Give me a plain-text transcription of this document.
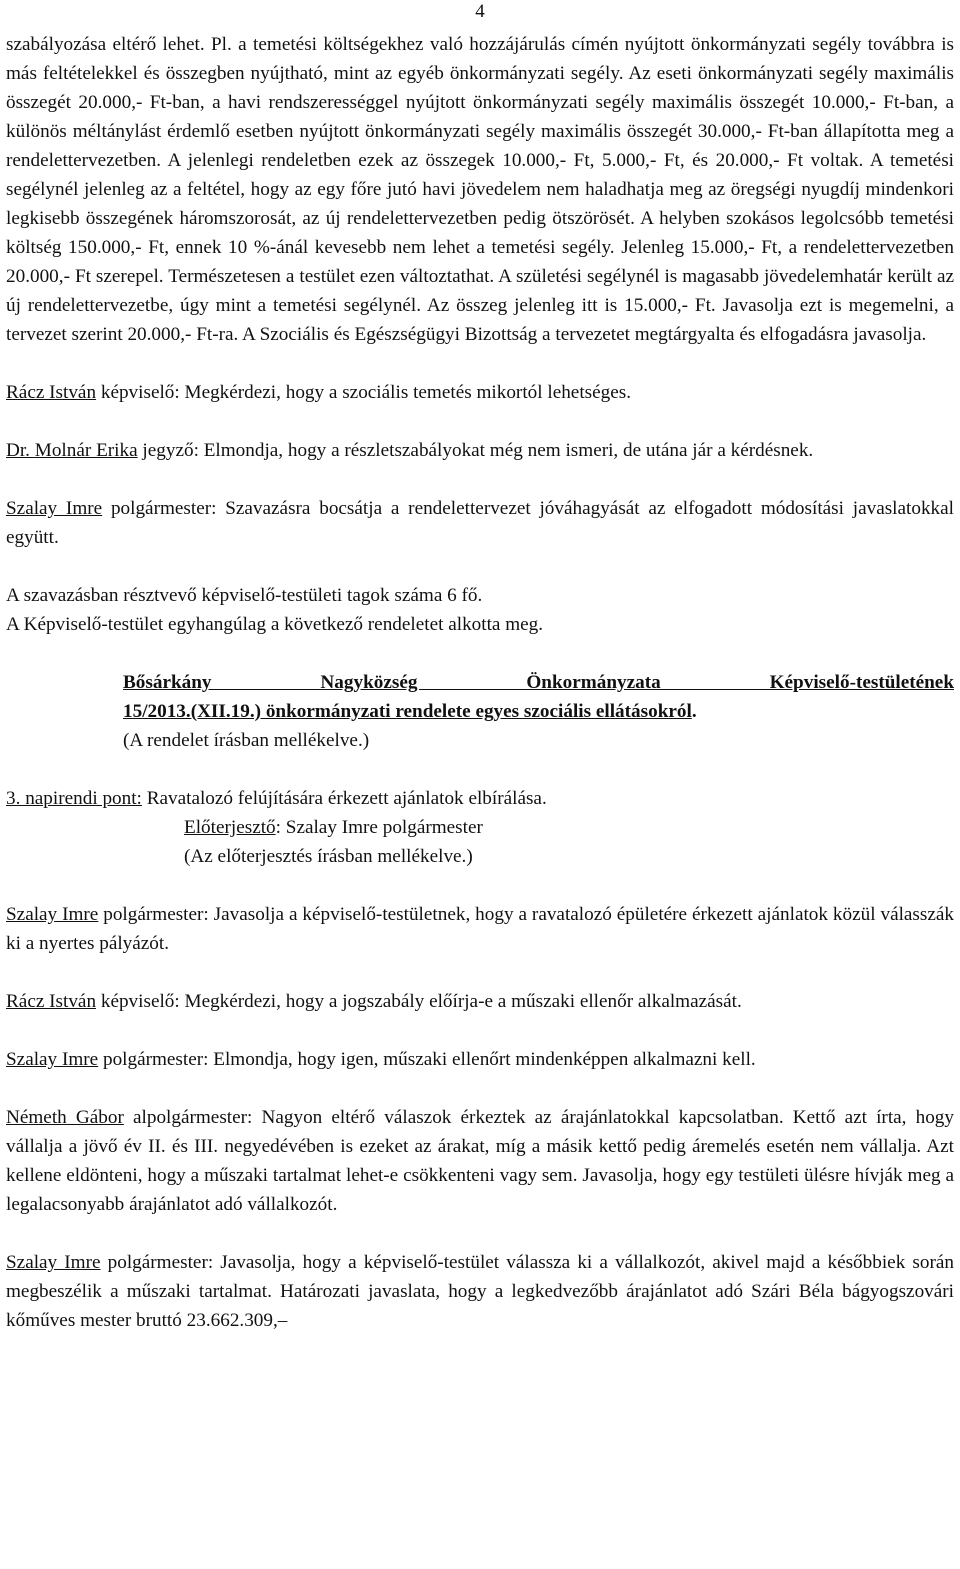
4

szabályozása eltérő lehet. Pl. a temetési költségekhez való hozzájárulás címén nyújtott önkormányzati segély továbbra is más feltételekkel és összegben nyújtható, mint az egyéb önkormányzati segély. Az eseti önkormányzati segély maximális összegét 20.000,- Ft-ban, a havi rendszerességgel nyújtott önkormányzati segély maximális összegét 10.000,- Ft-ban, a különös méltánylást érdemlő esetben nyújtott önkormányzati segély maximális összegét 30.000,- Ft-ban állapította meg a rendelettervezetben. A jelenlegi rendeletben ezek az összegek 10.000,- Ft, 5.000,- Ft, és 20.000,- Ft voltak. A temetési segélynél jelenleg az a feltétel, hogy az egy főre jutó havi jövedelem nem haladhatja meg az öregségi nyugdíj mindenkori legkisebb összegének háromszorosát, az új rendelettervezetben pedig ötszörösét. A helyben szokásos legolcsóbb temetési költség 150.000,- Ft, ennek 10 %-ánál kevesebb nem lehet a temetési segély. Jelenleg 15.000,- Ft, a rendelettervezetben 20.000,- Ft szerepel. Természetesen a testület ezen változtathat. A születési segélynél is magasabb jövedelemhatár került az új rendelettervezetbe, úgy mint a temetési segélynél. Az összeg jelenleg itt is 15.000,- Ft. Javasolja ezt is megemelni, a tervezet szerint 20.000,- Ft-ra. A Szociális és Egészségügyi Bizottság a tervezetet megtárgyalta és elfogadásra javasolja.

Rácz István képviselő: Megkérdezi, hogy a szociális temetés mikortól lehetséges.

Dr. Molnár Erika jegyző: Elmondja, hogy a részletszabályokat még nem ismeri, de utána jár a kérdésnek.

Szalay Imre polgármester: Szavazásra bocsátja a rendelettervezet jóváhagyását az elfogadott módosítási javaslatokkal együtt.

A szavazásban résztvevő képviselő-testületi tagok száma 6 fő.

A Képviselő-testület egyhangúlag a következő rendeletet alkotta meg.

Bősárkány Nagyközség Önkormányzata Képviselő-testületének

15/2013.(XII.19.) önkormányzati rendelete egyes szociális ellátásokról.

(A rendelet írásban mellékelve.)

3. napirendi pont: Ravatalozó felújítására érkezett ajánlatok elbírálása.

Előterjesztő: Szalay Imre polgármester

(Az előterjesztés írásban mellékelve.)

Szalay Imre polgármester: Javasolja a képviselő-testületnek, hogy a ravatalozó épületére érkezett ajánlatok közül válasszák ki a nyertes pályázót.

Rácz István képviselő: Megkérdezi, hogy a jogszabály előírja-e a műszaki ellenőr alkalmazását.

Szalay Imre polgármester: Elmondja, hogy igen, műszaki ellenőrt mindenképpen alkalmazni kell.

Németh Gábor alpolgármester: Nagyon eltérő válaszok érkeztek az árajánlatokkal kapcsolatban. Kettő azt írta, hogy vállalja a jövő év II. és III. negyedévében is ezeket az árakat, míg a másik kettő pedig áremelés esetén nem vállalja. Azt kellene eldönteni, hogy a műszaki tartalmat lehet-e csökkenteni vagy sem. Javasolja, hogy egy testületi ülésre hívják meg a legalacsonyabb árajánlatot adó vállalkozót.

Szalay Imre polgármester: Javasolja, hogy a képviselő-testület válassza ki a vállalkozót, akivel majd a későbbiek során megbeszélik a műszaki tartalmat. Határozati javaslata, hogy a legkedvezőbb árajánlatot adó Szári Béla bágyogszovári kőműves mester bruttó 23.662.309,–
